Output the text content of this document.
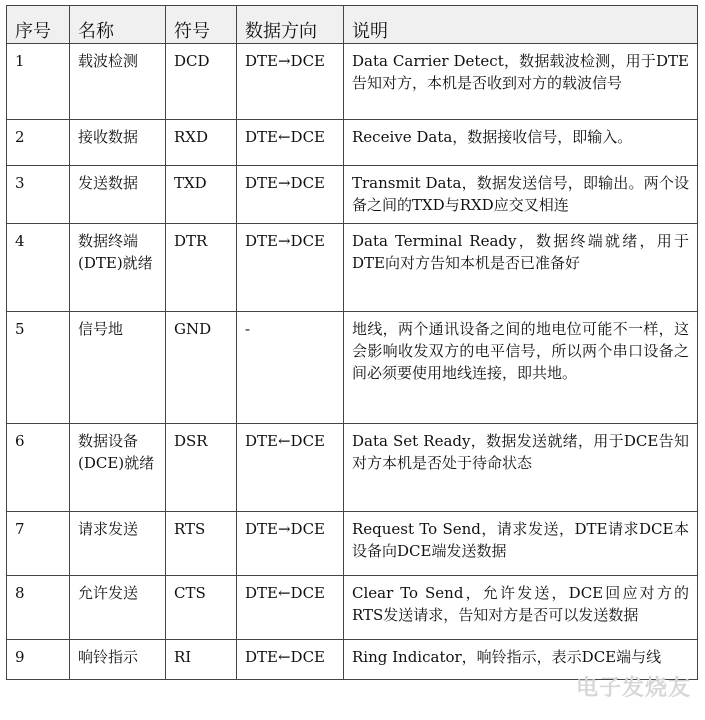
序号	名称	符号	数据方向	说明
1	载波检测	DCD	DTE→DCE	Data Carrier Detect，数据载波检测，用于DTE告知对方，本机是否收到对方的载波信号
2	接收数据	RXD	DTE←DCE	Receive Data，数据接收信号，即输入。
3	发送数据	TXD	DTE→DCE	Transmit Data，数据发送信号，即输出。两个设备之间的TXD与RXD应交叉相连
4	数据终端(DTE)就绪	DTR	DTE→DCE	Data Terminal Ready，数据终端就绪，用于DTE向对方告知本机是否已准备好
5	信号地	GND	-	地线，两个通讯设备之间的地电位可能不一样，这会影响收发双方的电平信号，所以两个串口设备之间必须要使用地线连接，即共地。
6	数据设备(DCE)就绪	DSR	DTE←DCE	Data Set Ready，数据发送就绪，用于DCE告知对方本机是否处于待命状态
7	请求发送	RTS	DTE→DCE	Request To Send，请求发送，DTE请求DCE本设备向DCE端发送数据
8	允许发送	CTS	DTE←DCE	Clear To Send，允许发送，DCE回应对方的RTS发送请求，告知对方是否可以发送数据
9	响铃指示	RI	DTE←DCE	Ring Indicator，响铃指示，表示DCE端与线
电子发烧友
